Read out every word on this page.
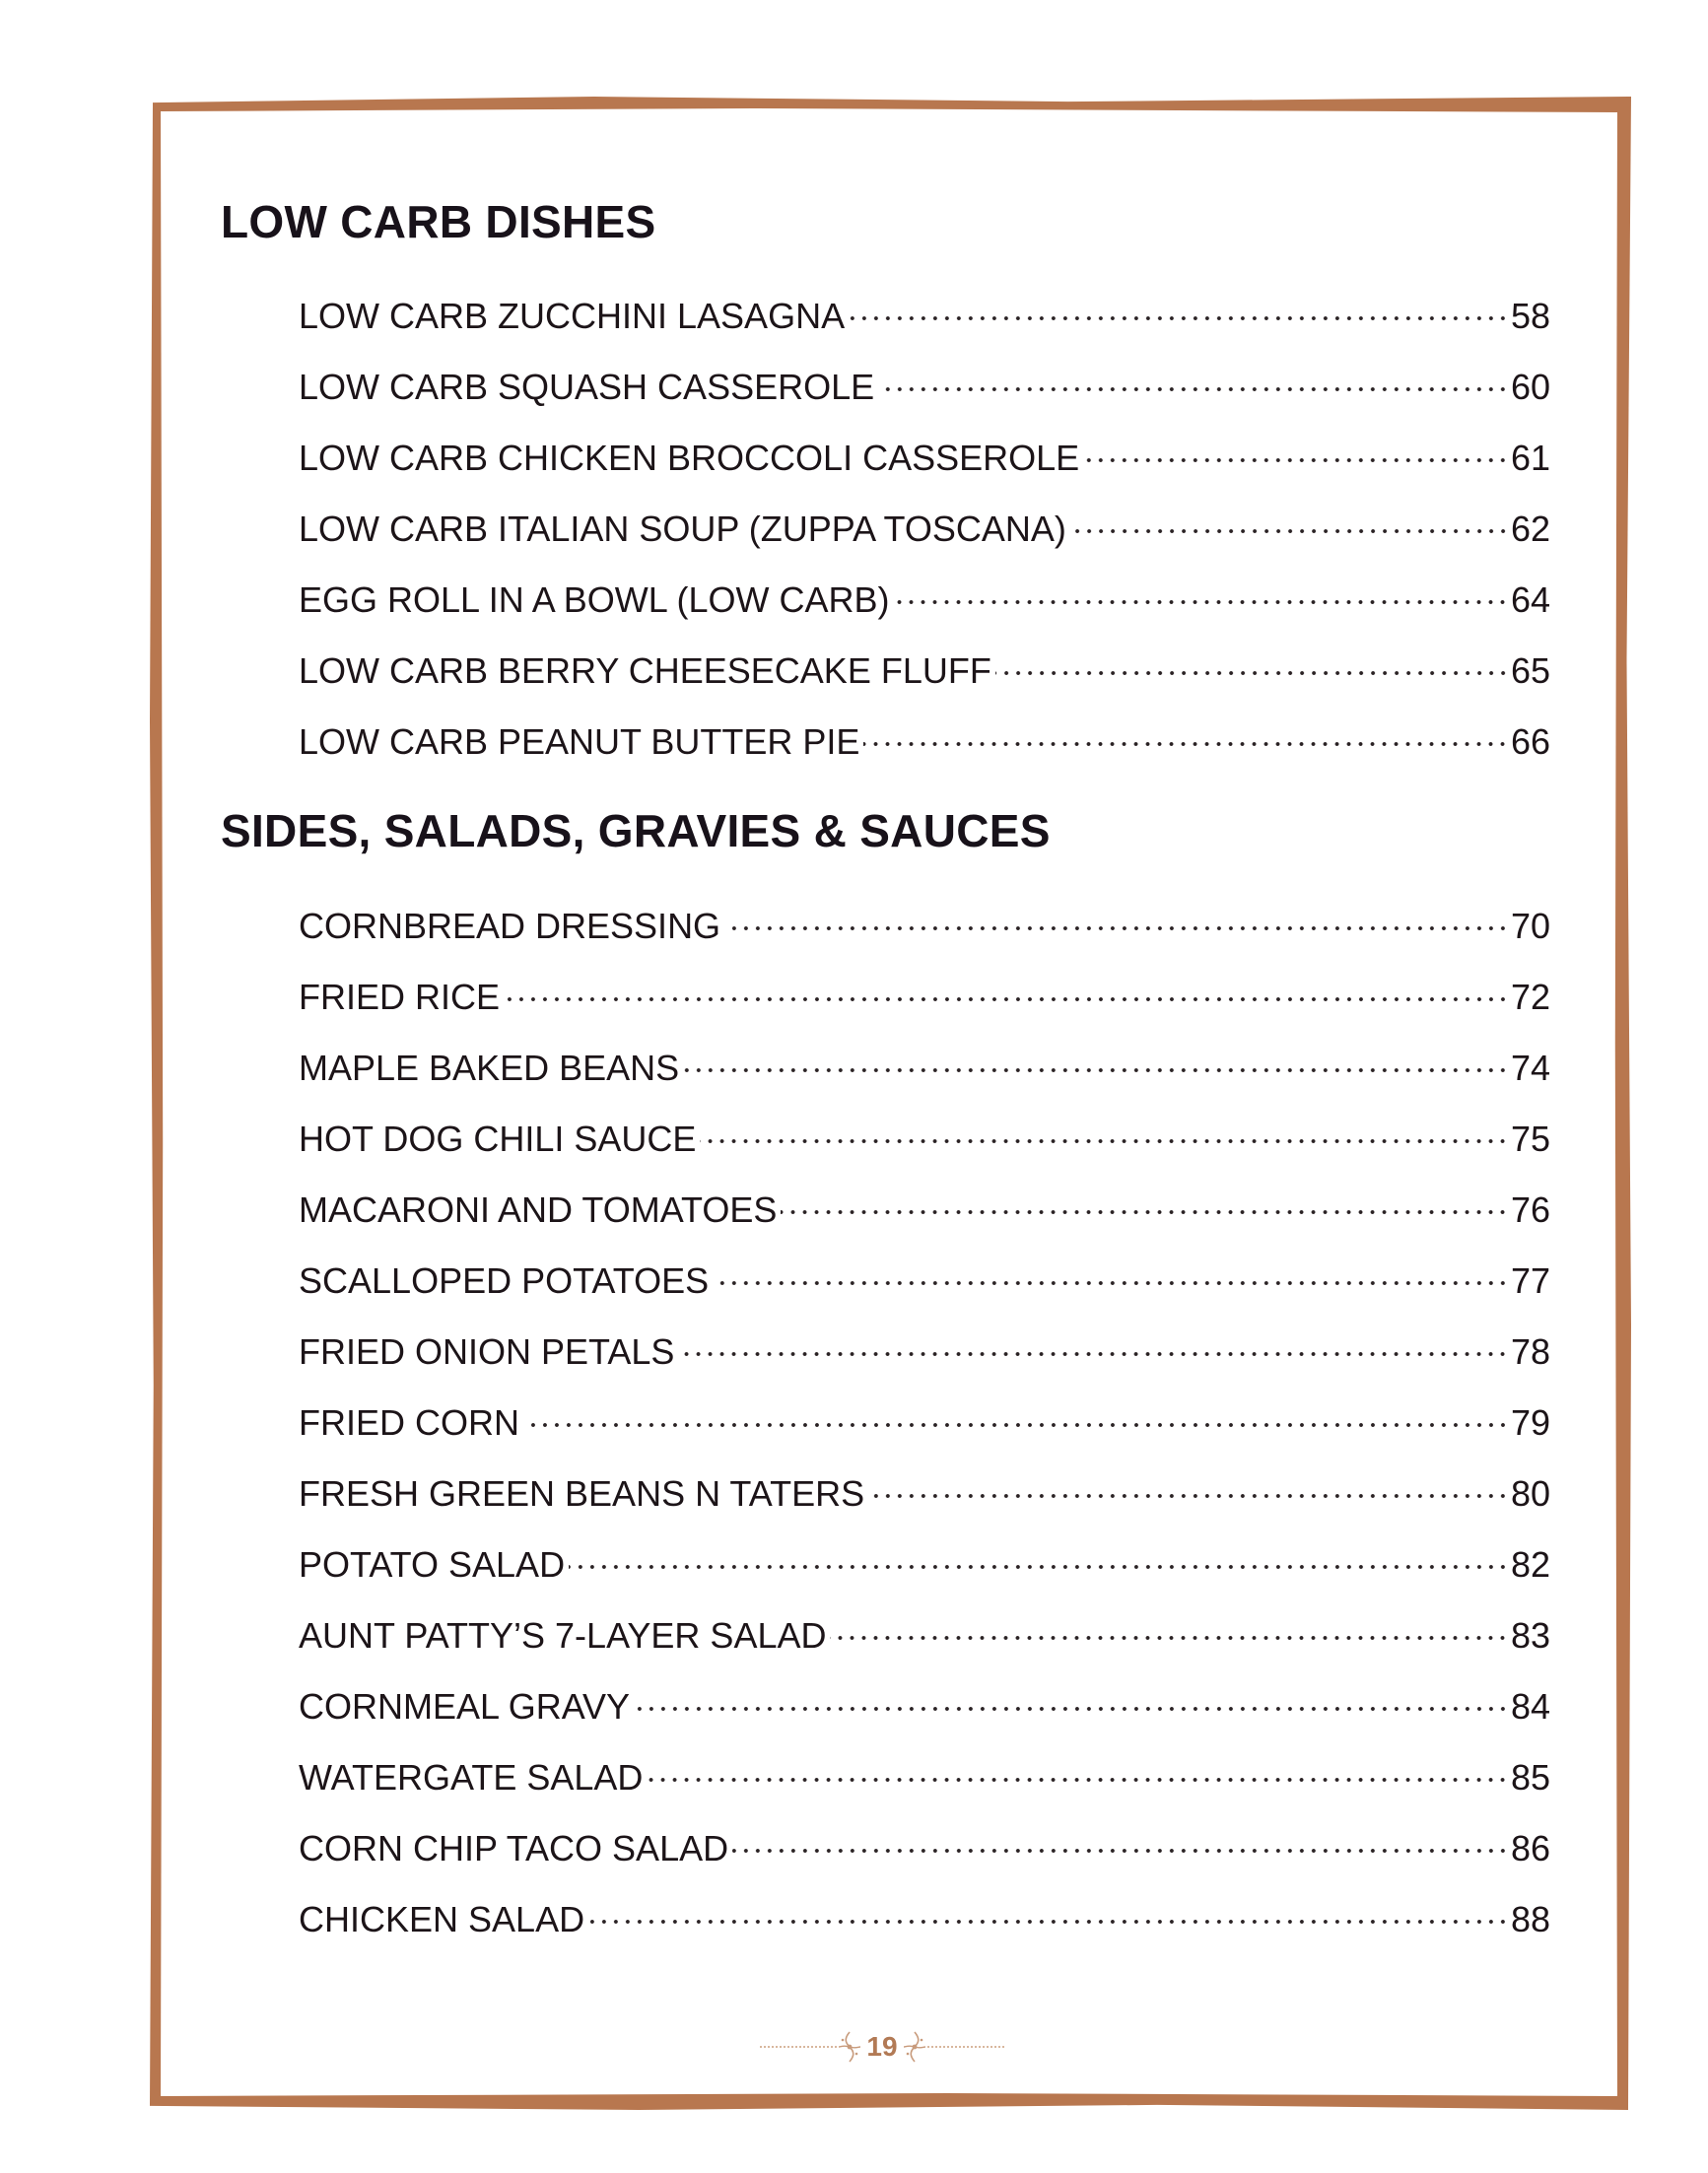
LOW CARB DISHES
LOW CARB ZUCCHINI LASAGNA	58
LOW CARB SQUASH CASSEROLE	60
LOW CARB CHICKEN BROCCOLI CASSEROLE	61
LOW CARB ITALIAN SOUP (ZUPPA TOSCANA)	62
EGG ROLL IN A BOWL (LOW CARB)	64
LOW CARB BERRY CHEESECAKE FLUFF	65
LOW CARB PEANUT BUTTER PIE	66
SIDES, SALADS, GRAVIES & SAUCES
CORNBREAD DRESSING	70
FRIED RICE	72
MAPLE BAKED BEANS	74
HOT DOG CHILI SAUCE	75
MACARONI AND TOMATOES	76
SCALLOPED POTATOES	77
FRIED ONION PETALS	78
FRIED CORN	79
FRESH GREEN BEANS N TATERS	80
POTATO SALAD	82
AUNT PATTY’S 7-LAYER SALAD	83
CORNMEAL GRAVY	84
WATERGATE SALAD	85
CORN CHIP TACO SALAD	86
CHICKEN SALAD	88
19
